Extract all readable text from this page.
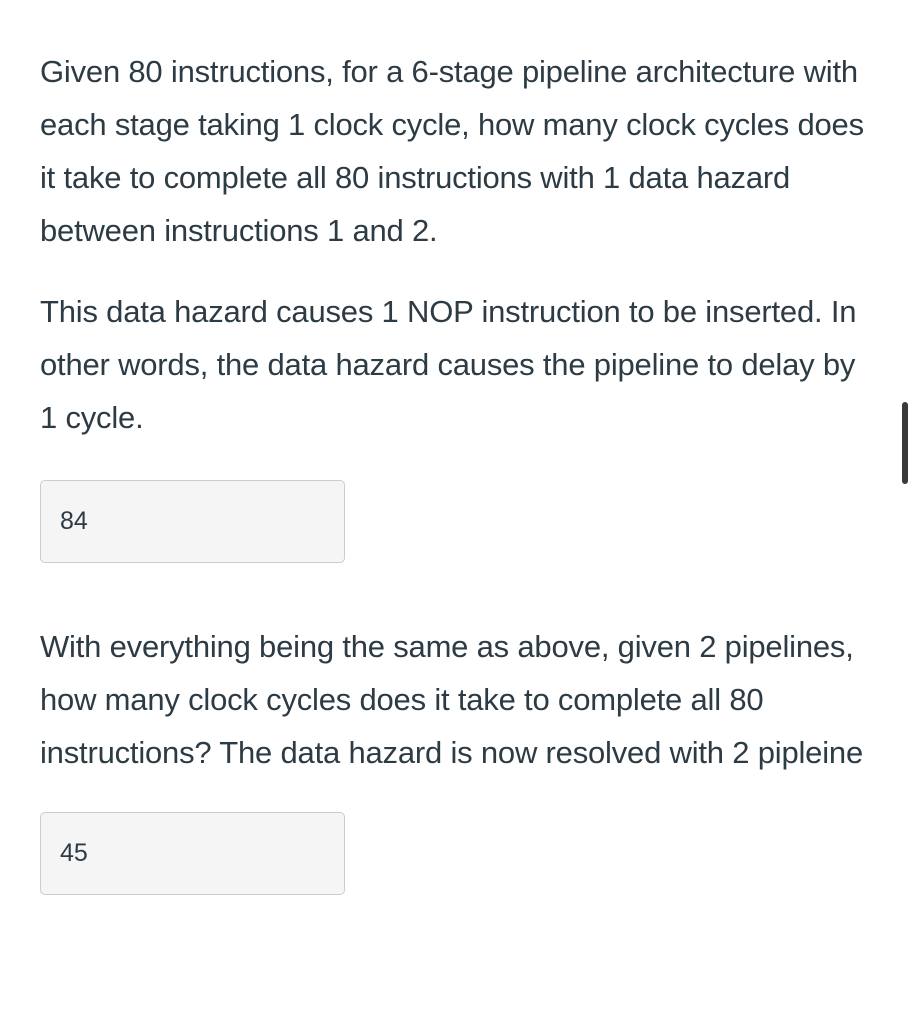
Given 80 instructions, for a 6-stage pipeline architecture with each stage taking 1 clock cycle, how many clock cycles does it take to complete all 80 instructions with 1 data hazard between instructions 1 and 2.

This data hazard causes 1 NOP instruction to be inserted. In other words, the data hazard causes the pipeline to delay by 1 cycle.

84

With everything being the same as above, given 2 pipelines, how many clock cycles does it take to complete all 80 instructions? The data hazard is now resolved with 2 pipleine

45
